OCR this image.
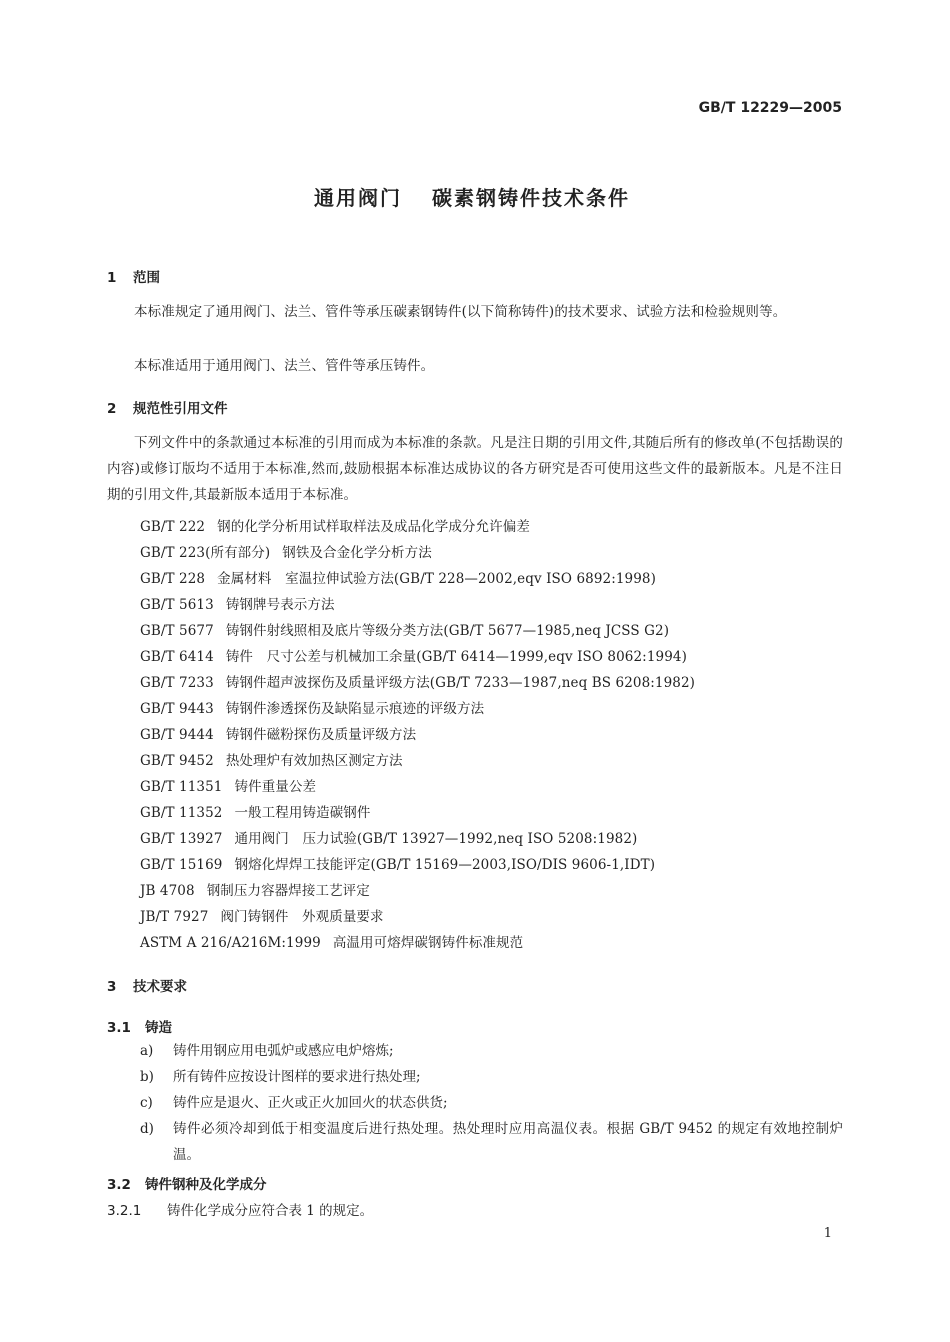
GB/T 12229—2005
通用阀门 碳素钢铸件技术条件
1 范围
本标准规定了通用阀门、法兰、管件等承压碳素钢铸件(以下简称铸件)的技术要求、试验方法和检验规则等。
本标准适用于通用阀门、法兰、管件等承压铸件。
2 规范性引用文件
下列文件中的条款通过本标准的引用而成为本标准的条款。凡是注日期的引用文件,其随后所有的修改单(不包括勘误的内容)或修订版均不适用于本标准,然而,鼓励根据本标准达成协议的各方研究是否可使用这些文件的最新版本。凡是不注日期的引用文件,其最新版本适用于本标准。
GB/T 222 钢的化学分析用试样取样法及成品化学成分允许偏差
GB/T 223(所有部分) 钢铁及合金化学分析方法
GB/T 228 金属材料　室温拉伸试验方法(GB/T 228—2002,eqv ISO 6892:1998)
GB/T 5613 铸钢牌号表示方法
GB/T 5677 铸钢件射线照相及底片等级分类方法(GB/T 5677—1985,neq JCSS G2)
GB/T 6414 铸件　尺寸公差与机械加工余量(GB/T 6414—1999,eqv ISO 8062:1994)
GB/T 7233 铸钢件超声波探伤及质量评级方法(GB/T 7233—1987,neq BS 6208:1982)
GB/T 9443 铸钢件渗透探伤及缺陷显示痕迹的评级方法
GB/T 9444 铸钢件磁粉探伤及质量评级方法
GB/T 9452 热处理炉有效加热区测定方法
GB/T 11351 铸件重量公差
GB/T 11352 一般工程用铸造碳钢件
GB/T 13927 通用阀门　压力试验(GB/T 13927—1992,neq ISO 5208:1982)
GB/T 15169 钢熔化焊焊工技能评定(GB/T 15169—2003,ISO/DIS 9606-1,IDT)
JB 4708 钢制压力容器焊接工艺评定
JB/T 7927 阀门铸钢件　外观质量要求
ASTM A 216/A216M:1999 高温用可熔焊碳钢铸件标准规范
3 技术要求
3.1 铸造
a)	铸件用钢应用电弧炉或感应电炉熔炼;
b)	所有铸件应按设计图样的要求进行热处理;
c)	铸件应是退火、正火或正火加回火的状态供货;
d)	铸件必须冷却到低于相变温度后进行热处理。热处理时应用高温仪表。根据 GB/T 9452 的规定有效地控制炉温。
3.2 铸件钢种及化学成分
3.2.1 铸件化学成分应符合表 1 的规定。
1
